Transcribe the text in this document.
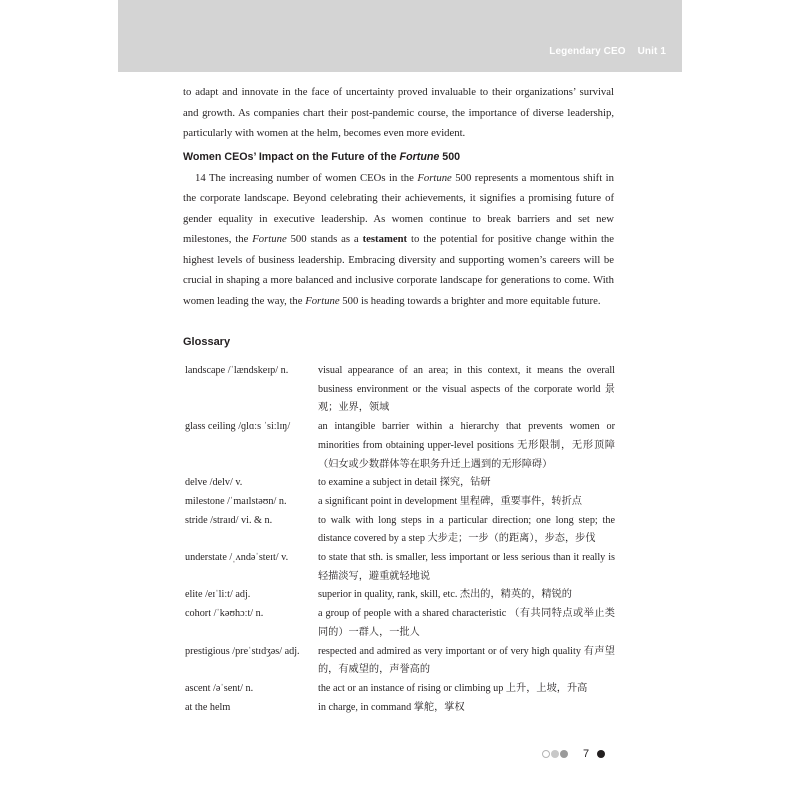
Legendary CEO Unit 1

to adapt and innovate in the face of uncertainty proved invaluable to their organizations’ survival and growth. As companies chart their post-pandemic course, the importance of diverse leadership, particularly with women at the helm, becomes even more evident.

Women CEOs’ Impact on the Future of the Fortune 500

14 The increasing number of women CEOs in the Fortune 500 represents a momentous shift in the corporate landscape. Beyond celebrating their achievements, it signifies a promising future of gender equality in executive leadership. As women continue to break barriers and set new milestones, the Fortune 500 stands as a testament to the potential for positive change within the highest levels of business leadership. Embracing diversity and supporting women’s careers will be crucial in shaping a more balanced and inclusive corporate landscape for generations to come. With women leading the way, the Fortune 500 is heading towards a brighter and more equitable future.

Glossary
landscape /ˈlændskeɪp/ n.	visual appearance of an area; in this context, it means the overall business environment or the visual aspects of the corporate world 景观；业界，领域
glass ceiling /ɡlɑːs ˈsiːlɪŋ/	an intangible barrier within a hierarchy that prevents women or minorities from obtaining upper-level positions 无形限制，无形顶障（妇女或少数群体等在职务升迁上遇到的无形障碍）
delve /delv/ v.	to examine a subject in detail 探究，钻研
milestone /ˈmaɪlstəʊn/ n.	a significant point in development 里程碑，重要事件，转折点
stride /straɪd/ vi. & n.	to walk with long steps in a particular direction; one long step; the distance covered by a step 大步走；一步（的距离），步态，步伐
understate /ˌʌndəˈsteɪt/ v.	to state that sth. is smaller, less important or less serious than it really is 轻描淡写，避重就轻地说
elite /eɪˈliːt/ adj.	superior in quality, rank, skill, etc. 杰出的，精英的，精锐的
cohort /ˈkəʊhɔːt/ n.	a group of people with a shared characteristic （有共同特点或举止类同的）一群人，一批人
prestigious /preˈstɪdʒəs/ adj.	respected and admired as very important or of very high quality 有声望的，有威望的，声誉高的
ascent /əˈsent/ n.	the act or an instance of rising or climbing up 上升，上坡，升高
at the helm	in charge, in command 掌舵，掌权
7
